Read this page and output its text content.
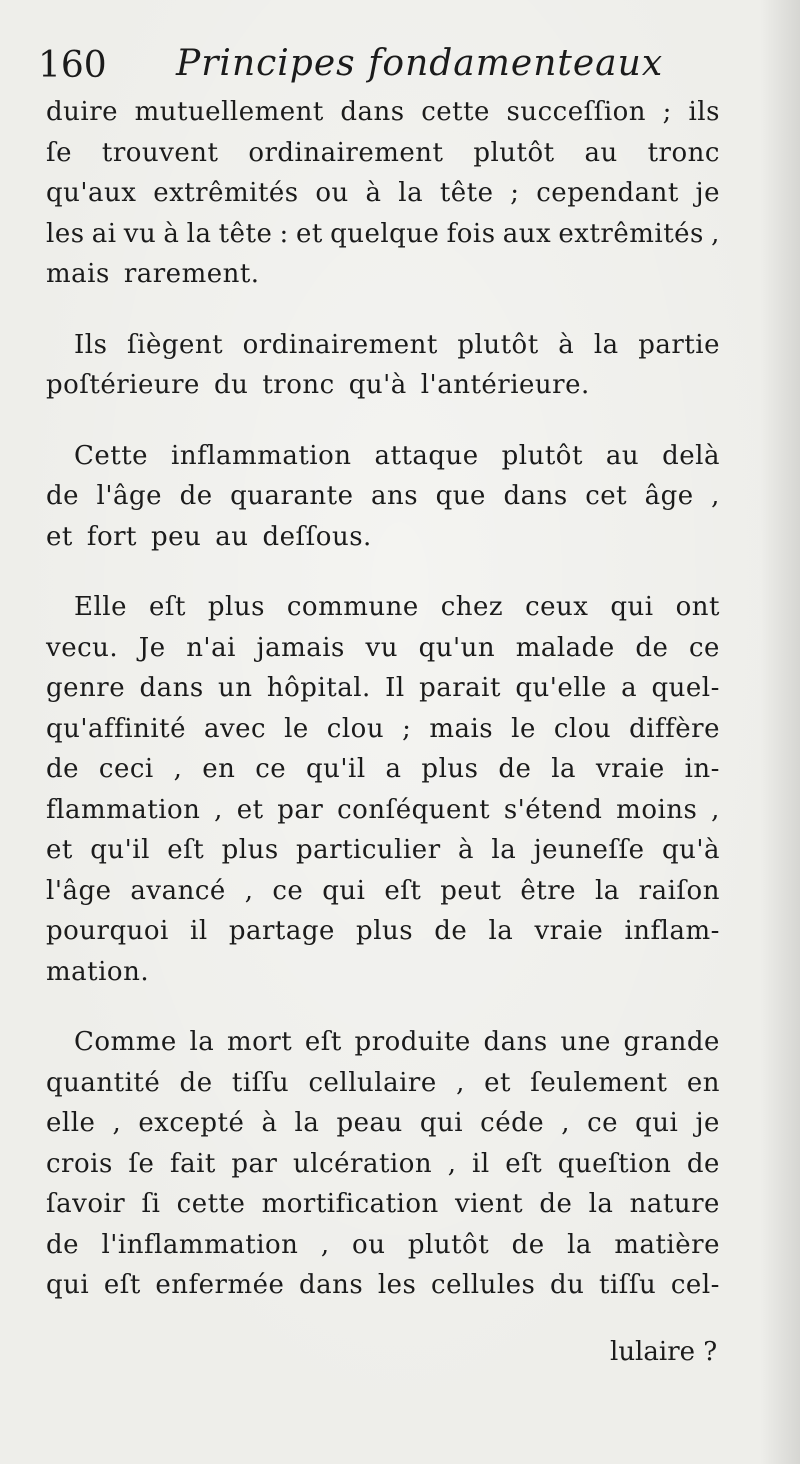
160 Principes fondamenteaux
duire mutuellement dans cette succeſſion ; ils
ſe trouvent ordinairement plutôt au tronc
qu'aux extrêmités ou à la tête ; cependant je
les ai vu à la tête : et quelque fois aux extrêmités ,
mais rarement.
Ils ſiègent ordinairement plutôt à la partie
poſtérieure du tronc qu'à l'antérieure.
Cette inflammation attaque plutôt au delà
de l'âge de quarante ans que dans cet âge ,
et fort peu au deſſous.
Elle eſt plus commune chez ceux qui ont
vecu. Je n'ai jamais vu qu'un malade de ce
genre dans un hôpital. Il parait qu'elle a quel-
qu'affinité avec le clou ; mais le clou diffère
de ceci , en ce qu'il a plus de la vraie in-
flammation , et par conſéquent s'étend moins ,
et qu'il eſt plus particulier à la jeuneſſe qu'à
l'âge avancé , ce qui eſt peut être la raiſon
pourquoi il partage plus de la vraie inflam-
mation.
Comme la mort eſt produite dans une grande
quantité de tiſſu cellulaire , et ſeulement en
elle , excepté à la peau qui céde , ce qui je
crois ſe fait par ulcération , il eſt queſtion de
ſavoir ſi cette mortification vient de la nature
de l'inflammation , ou plutôt de la matière
qui eſt enfermée dans les cellules du tiſſu cel-
lulaire ?
